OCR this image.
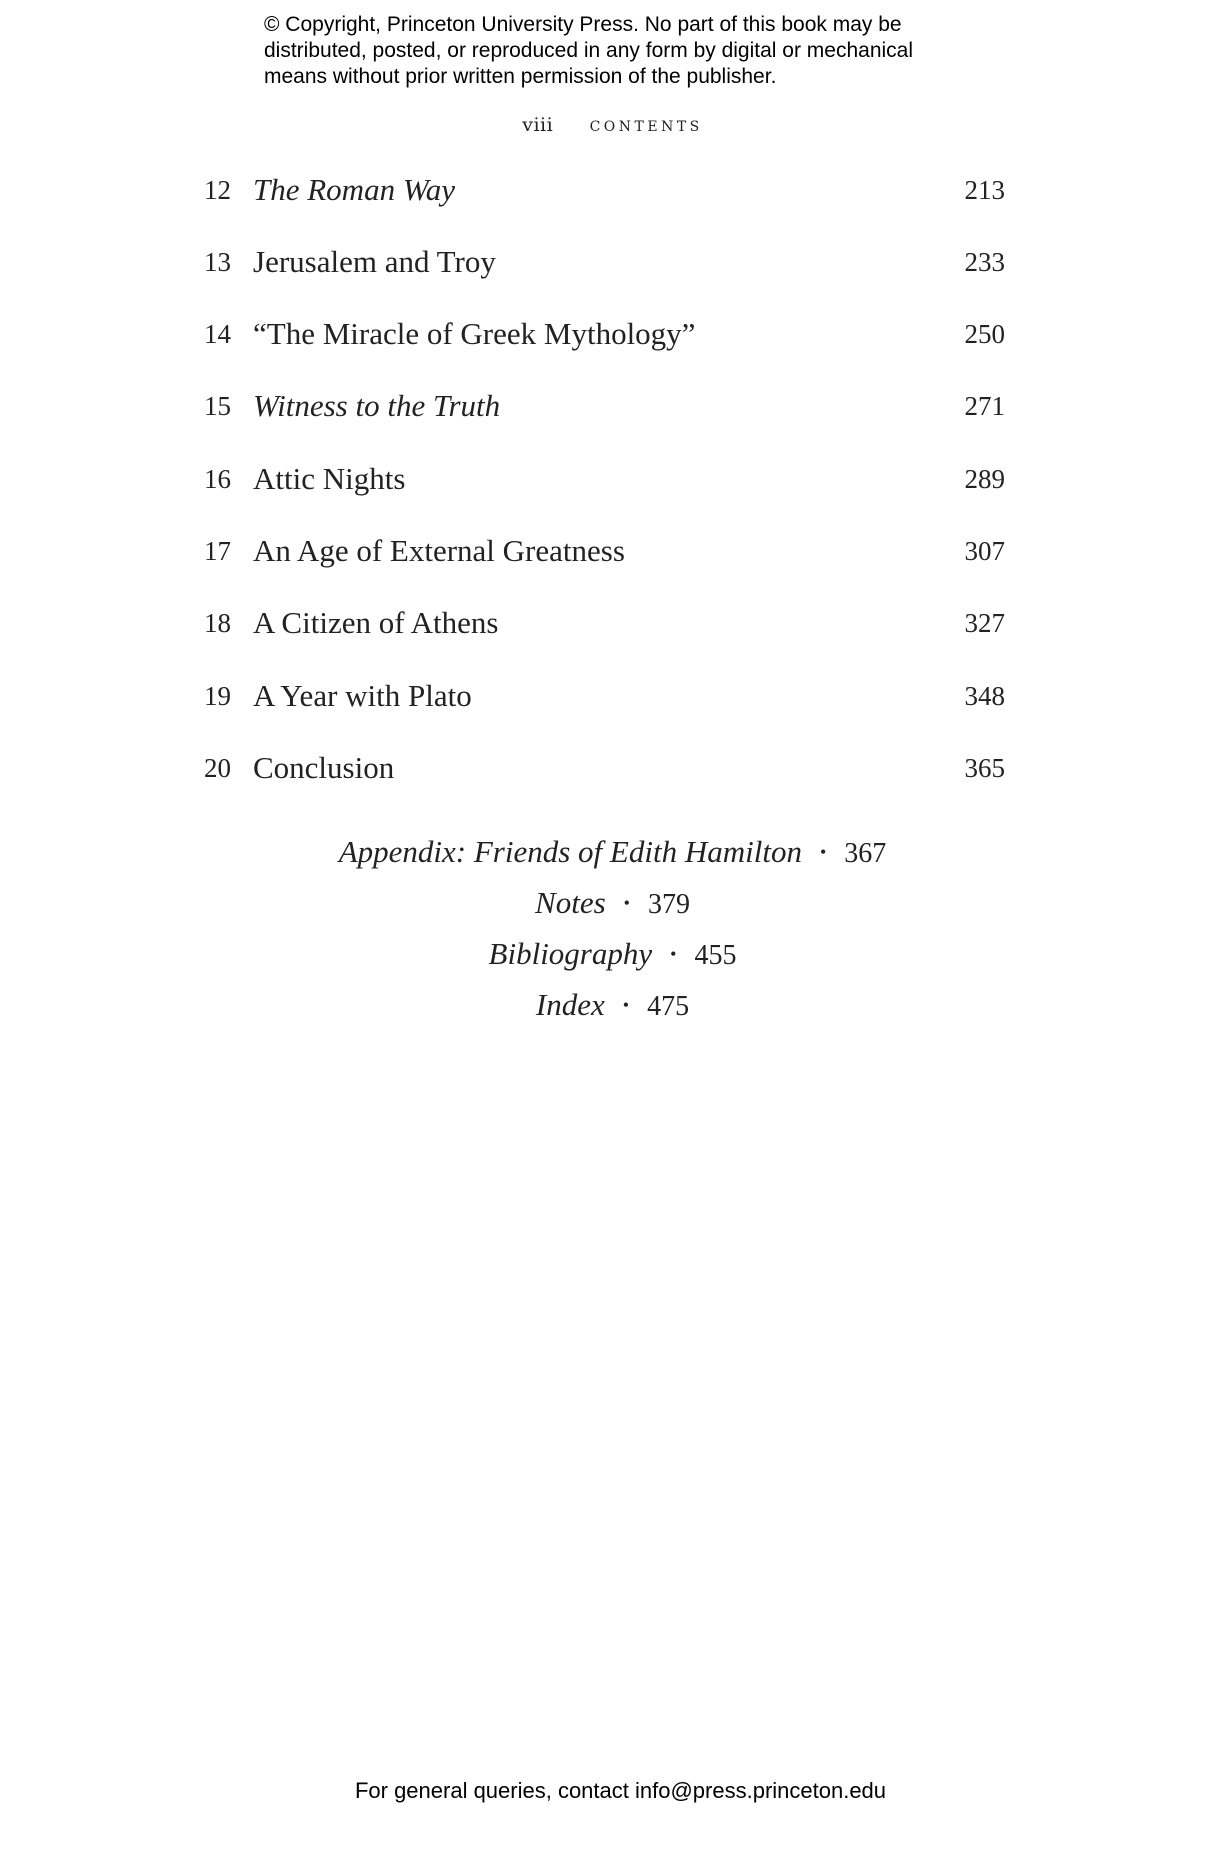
© Copyright, Princeton University Press. No part of this book may be
distributed, posted, or reproduced in any form by digital or mechanical
means without prior written permission of the publisher.
viii contents
12 The Roman Way	213
13 Jerusalem and Troy	233
14 “The Miracle of Greek Mythology”	250
15 Witness to the Truth	271
16 Attic Nights	289
17 An Age of External Greatness	307
18 A Citizen of Athens	327
19 A Year with Plato	348
20 Conclusion	365
Appendix: Friends of Edith Hamilton • 367
Notes • 379
Bibliography • 455
Index • 475
For general queries, contact info@press.princeton.edu
